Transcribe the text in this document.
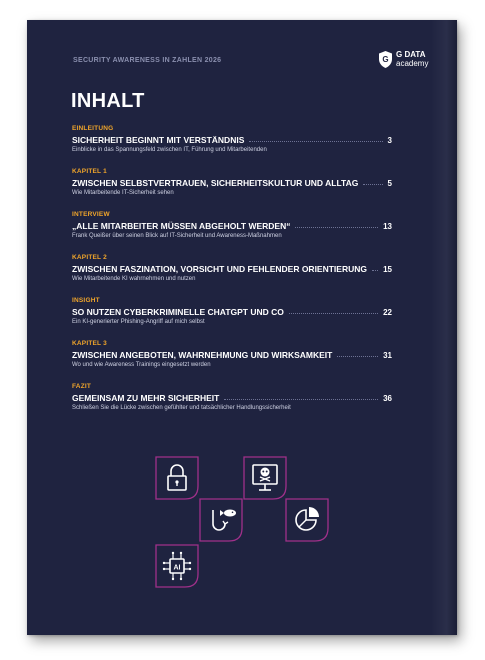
SECURITY AWARENESS IN ZAHLEN 2026	G
G DATA
academy
INHALT
EINLEITUNG
SICHERHEIT BEGINNT MIT VERSTÄNDNIS	3
Einblicke in das Spannungsfeld zwischen IT, Führung und Mitarbeitenden
KAPITEL 1
ZWISCHEN SELBSTVERTRAUEN, SICHERHEITSKULTUR UND ALLTAG	5
Wie Mitarbeitende IT-Sicherheit sehen
INTERVIEW
„ALLE MITARBEITER MÜSSEN ABGEHOLT WERDEN“	13
Frank Queißer über seinen Blick auf IT-Sicherheit und Awareness-Maßnahmen
KAPITEL 2
ZWISCHEN FASZINATION, VORSICHT UND FEHLENDER ORIENTIERUNG 15
Wie Mitarbeitende KI wahrnehmen und nutzen
INSIGHT
SO NUTZEN CYBERKRIMINELLE CHATGPT UND CO	22
Ein KI-generierter Phishing-Angriff auf mich selbst
KAPITEL 3
ZWISCHEN ANGEBOTEN, WAHRNEHMUNG UND WIRKSAMKEIT	31
Wo und wie Awareness Trainings eingesetzt werden
FAZIT
GEMEINSAM ZU MEHR SICHERHEIT	36
Schließen Sie die Lücke zwischen gefühlter und tatsächlicher Handlungssicherheit
AI
